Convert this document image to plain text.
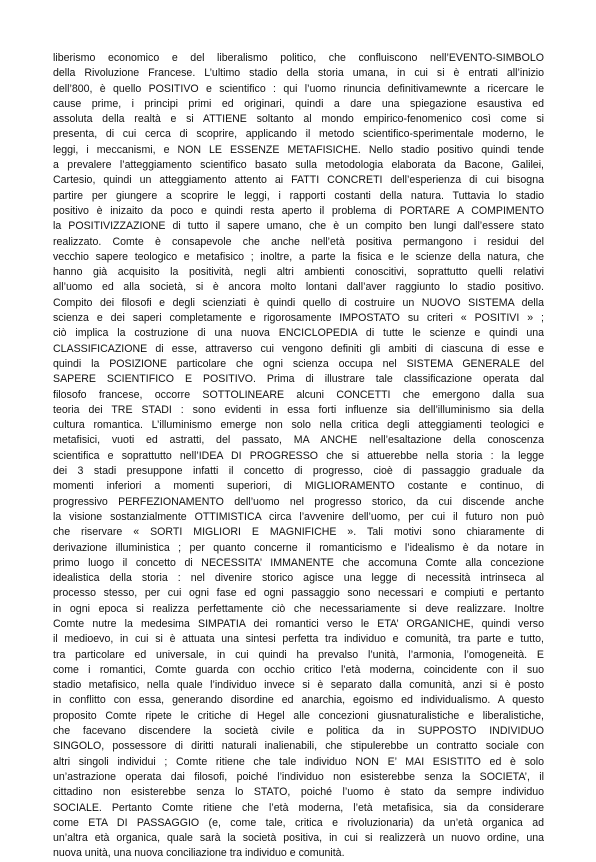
liberismo economico e del liberalismo politico, che confluiscono nell’EVENTO-SIMBOLO
della Rivoluzione Francese. L’ultimo stadio della storia umana, in cui si è entrati all’inizio
dell’800, è quello POSITIVO e scientifico : qui l’uomo rinuncia definitivamewnte a ricercare le
cause prime, i principi primi ed originari, quindi a dare una spiegazione esaustiva ed
assoluta della realtà e si ATTIENE soltanto al mondo empirico-fenomenico così come si
presenta, di cui cerca di scoprire, applicando il metodo scientifico-sperimentale moderno, le
leggi, i meccanismi, e NON LE ESSENZE METAFISICHE. Nello stadio positivo quindi tende
a prevalere l’atteggiamento scientifico basato sulla metodologia elaborata da Bacone, Galilei,
Cartesio, quindi un atteggiamento attento ai FATTI CONCRETI dell’esperienza di cui bisogna
partire per giungere a scoprire le leggi, i rapporti costanti della natura. Tuttavia lo stadio
positivo è inizaito da poco e quindi resta aperto il problema di PORTARE A COMPIMENTO
la POSITIVIZZAZIONE di tutto il sapere umano, che è un compito ben lungi dall’essere stato
realizzato. Comte è consapevole che anche nell’età positiva permangono i residui del
vecchio sapere teologico e metafisico ; inoltre, a parte la fisica e le scienze della natura, che
hanno già acquisito la positività, negli altri ambienti conoscitivi, soprattutto quelli relativi
all’uomo ed alla società, si è ancora molto lontani dall’aver raggiunto lo stadio positivo.
Compito dei filosofi e degli scienziati è quindi quello di costruire un NUOVO SISTEMA della
scienza e dei saperi completamente e rigorosamente IMPOSTATO su criteri « POSITIVI » ;
ciò implica la costruzione di una nuova ENCICLOPEDIA di tutte le scienze e quindi una
CLASSIFICAZIONE di esse, attraverso cui vengono definiti gli ambiti di ciascuna di esse e
quindi la POSIZIONE particolare che ogni scienza occupa nel SISTEMA GENERALE del
SAPERE SCIENTIFICO E POSITIVO. Prima di illustrare tale classificazione operata dal
filosofo francese, occorre SOTTOLINEARE alcuni CONCETTI che emergono dalla sua
teoria dei TRE STADI : sono evidenti in essa forti influenze sia dell’illuminismo sia della
cultura romantica. L’illuminismo emerge non solo nella critica degli atteggiamenti teologici e
metafisici, vuoti ed astratti, del passato, MA ANCHE nell’esaltazione della conoscenza
scientifica e soprattutto nell’IDEA DI PROGRESSO che si attuerebbe nella storia : la legge
dei 3 stadi presuppone infatti il concetto di progresso, cioè di passaggio graduale da
momenti inferiori a momenti superiori, di MIGLIORAMENTO costante e continuo, di
progressivo PERFEZIONAMENTO dell’uomo nel progresso storico, da cui discende anche
la visione sostanzialmente OTTIMISTICA circa l’avvenire dell’uomo, per cui il futuro non può
che riservare « SORTI MIGLIORI E MAGNIFICHE ». Tali motivi sono chiaramente di
derivazione illuministica ; per quanto concerne il romanticismo e l’idealismo è da notare in
primo luogo il concetto di NECESSITA’ IMMANENTE che accomuna Comte alla concezione
idealistica della storia : nel divenire storico agisce una legge di necessità intrinseca al
processo stesso, per cui ogni fase ed ogni passaggio sono necessari e compiuti e pertanto
in ogni epoca si realizza perfettamente ciò che necessariamente si deve realizzare. Inoltre
Comte nutre la medesima SIMPATIA dei romantici verso le ETA’ ORGANICHE, quindi verso
il medioevo, in cui si è attuata una sintesi perfetta tra individuo e comunità, tra parte e tutto,
tra particolare ed universale, in cui quindi ha prevalso l’unità, l’armonia, l’omogeneità. E
come i romantici, Comte guarda con occhio critico l’età moderna, coincidente con il suo
stadio metafisico, nella quale l’individuo invece si è separato dalla comunità, anzi si è posto
in conflitto con essa, generando disordine ed anarchia, egoismo ed individualismo. A questo
proposito Comte ripete le critiche di Hegel alle concezioni giusnaturalistiche e liberalistiche,
che facevano discendere la società civile e politica da in SUPPOSTO INDIVIDUO
SINGOLO, possessore di diritti naturali inalienabili, che stipulerebbe un contratto sociale con
altri singoli individui ; Comte ritiene che tale individuo NON E’ MAI ESISTITO ed è solo
un’astrazione operata dai filosofi, poiché l’individuo non esisterebbe senza la SOCIETA’, il
cittadino non esisterebbe senza lo STATO, poiché l’uomo è stato da sempre individuo
SOCIALE. Pertanto Comte ritiene che l’età moderna, l’età metafisica, sia da considerare
come ETA DI PASSAGGIO (e, come tale, critica e rivoluzionaria) da un’età organica ad
un’altra età organica, quale sarà la società positiva, in cui si realizzerà un nuovo ordine, una
nuova unità, una nuova conciliazione tra individuo e comunità.
